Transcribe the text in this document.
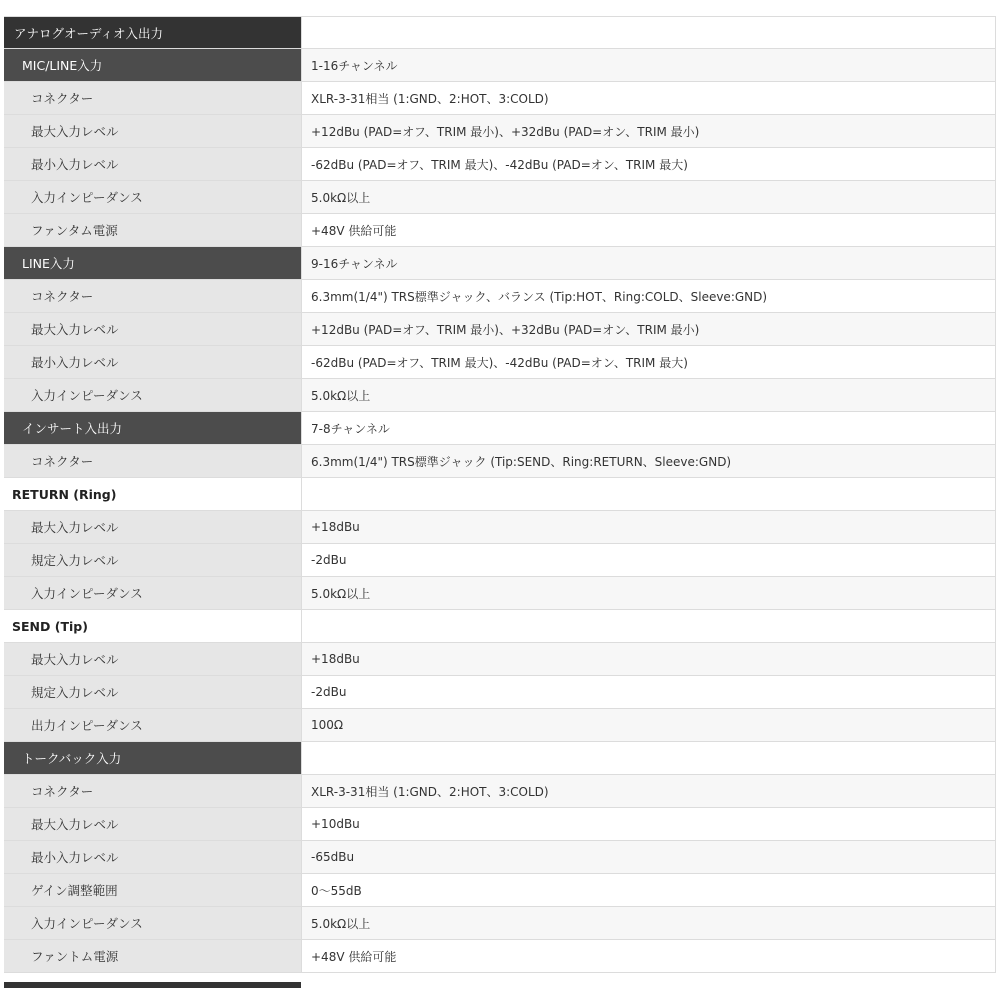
アナログオーディオ入出力
MIC/LINE入力	1-16チャンネル
コネクター	XLR-3-31相当 (1:GND、2:HOT、3:COLD)
最大入力レベル	+12dBu (PAD=オフ、TRIM 最小)、+32dBu (PAD=オン、TRIM 最小)
最小入力レベル	-62dBu (PAD=オフ、TRIM 最大)、-42dBu (PAD=オン、TRIM 最大)
入力インピーダンス	5.0kΩ以上
ファンタム電源	+48V 供給可能
LINE入力	9-16チャンネル
コネクター	6.3mm(1/4") TRS標準ジャック、バランス (Tip:HOT、Ring:COLD、Sleeve:GND)
最大入力レベル	+12dBu (PAD=オフ、TRIM 最小)、+32dBu (PAD=オン、TRIM 最小)
最小入力レベル	-62dBu (PAD=オフ、TRIM 最大)、-42dBu (PAD=オン、TRIM 最大)
入力インピーダンス	5.0kΩ以上
インサート入出力	7-8チャンネル
コネクター	6.3mm(1/4") TRS標準ジャック (Tip:SEND、Ring:RETURN、Sleeve:GND)
RETURN (Ring)
最大入力レベル	+18dBu
規定入力レベル	-2dBu
入力インピーダンス	5.0kΩ以上
SEND (Tip)
最大入力レベル	+18dBu
規定入力レベル	-2dBu
出力インピーダンス	100Ω
トークバック入力
コネクター	XLR-3-31相当 (1:GND、2:HOT、3:COLD)
最大入力レベル	+10dBu
最小入力レベル	-65dBu
ゲイン調整範囲	0〜55dB
入力インピーダンス	5.0kΩ以上
ファントム電源	+48V 供給可能
